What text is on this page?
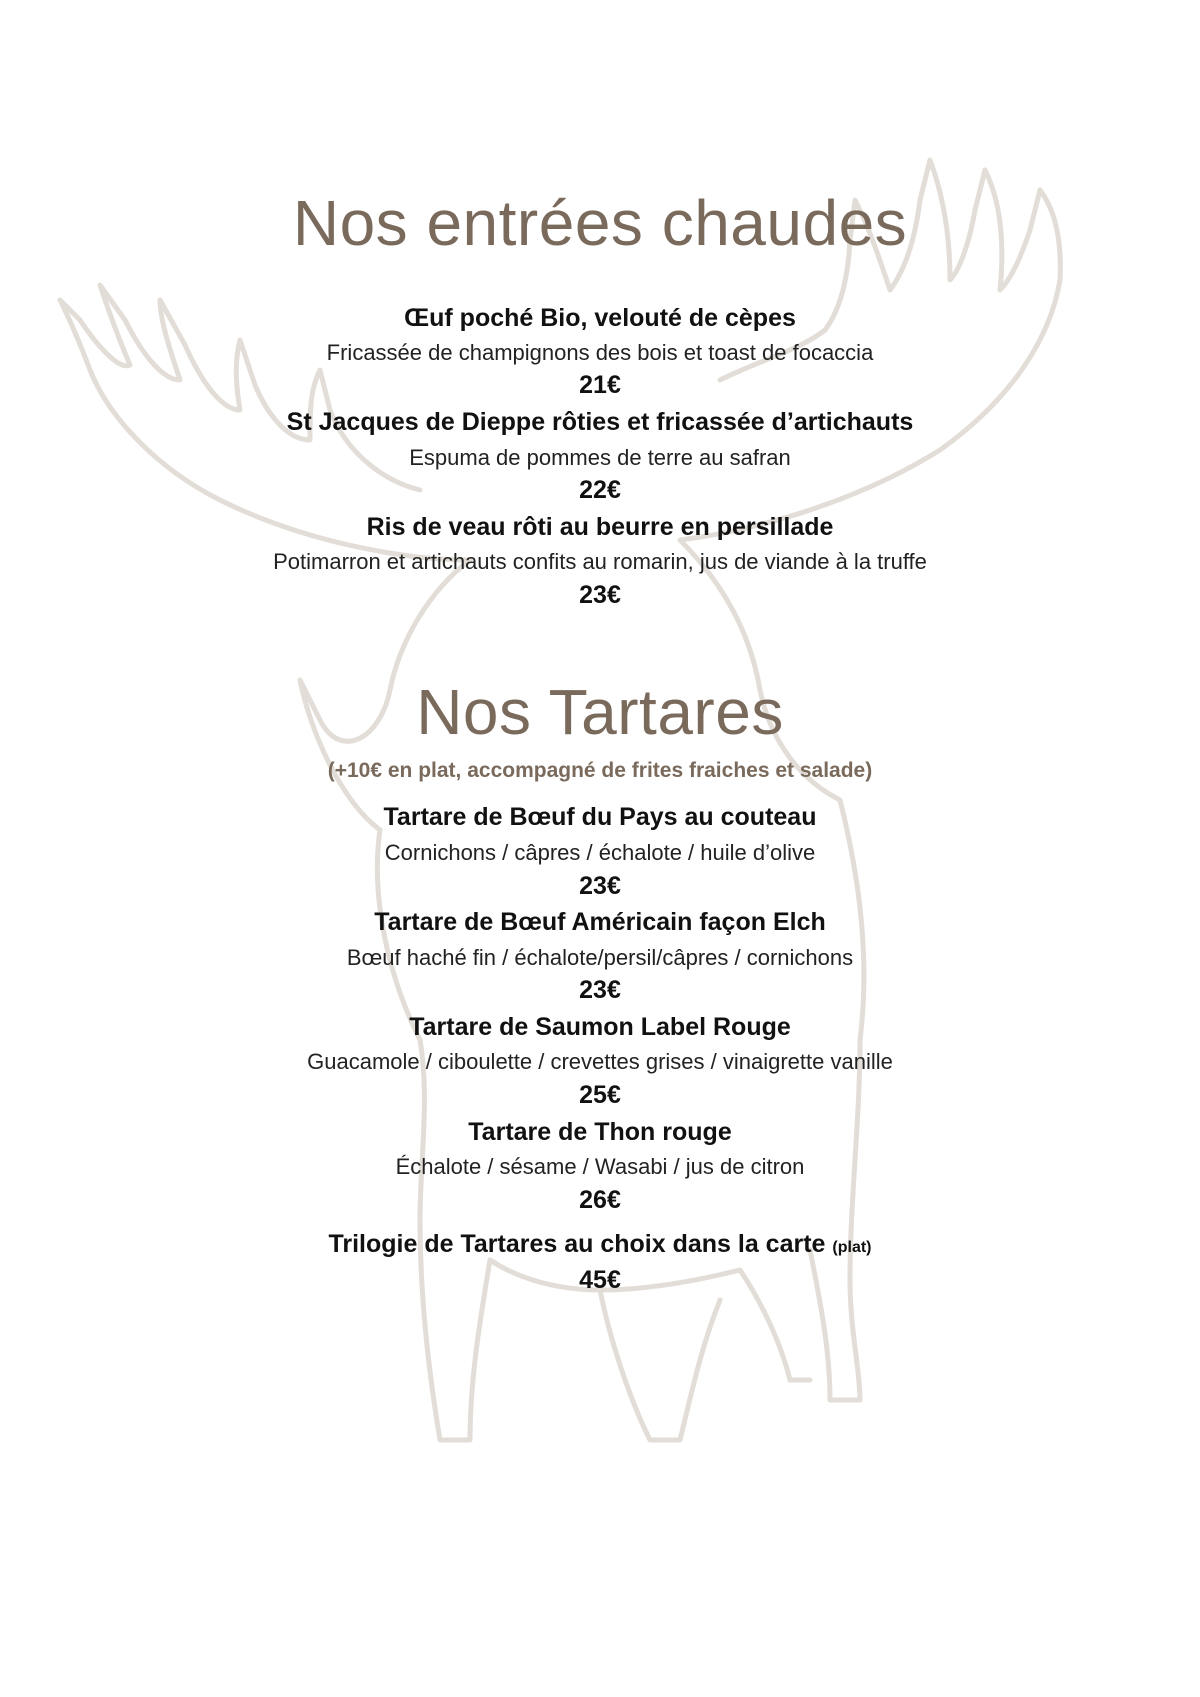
Nos entrées chaudes
Œuf poché Bio, velouté de cèpes
Fricassée de champignons des bois et toast de focaccia
21€
St Jacques de Dieppe rôties et fricassée d’artichauts
Espuma de pommes de terre au safran
22€
Ris de veau rôti au beurre en persillade
Potimarron et artichauts confits au romarin, jus de viande à la truffe
23€
Nos Tartares
(+10€ en plat, accompagné de frites fraiches et salade)
Tartare de Bœuf du Pays au couteau
Cornichons / câpres / échalote / huile d’olive
23€
Tartare de Bœuf Américain façon Elch
Bœuf haché fin / échalote/persil/câpres / cornichons
23€
Tartare de Saumon Label Rouge
Guacamole / ciboulette / crevettes grises / vinaigrette vanille
25€
Tartare de Thon rouge
Échalote / sésame / Wasabi / jus de citron
26€
Trilogie de Tartares au choix dans la carte (plat)
45€
